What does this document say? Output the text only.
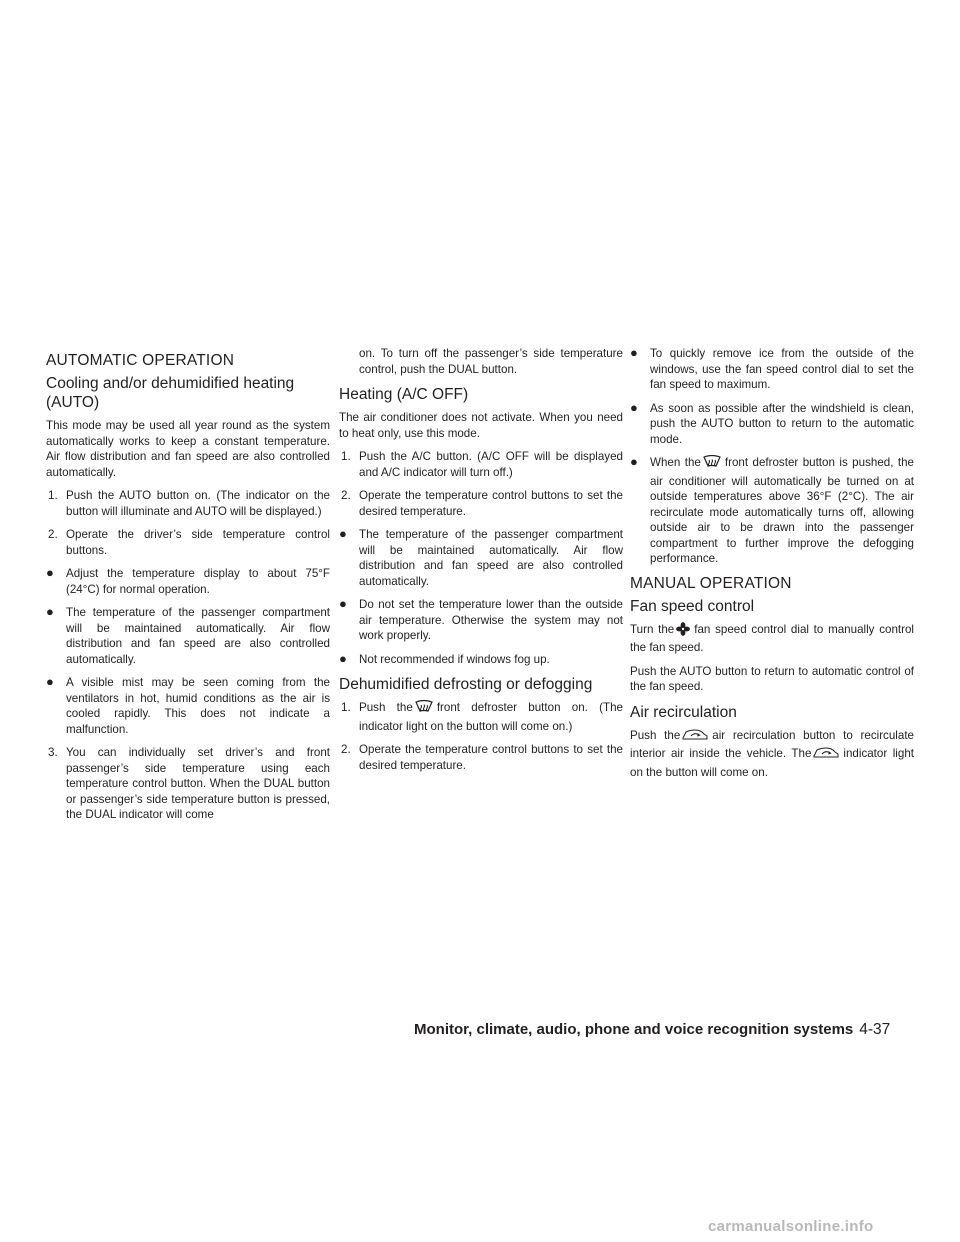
AUTOMATIC OPERATION
Cooling and/or dehumidified heating (AUTO)

This mode may be used all year round as the system automatically works to keep a constant temperature. Air flow distribution and fan speed are also controlled automatically.

1. Push the AUTO button on. (The indicator on the button will illuminate and AUTO will be displayed.)
2. Operate the driver’s side temperature control buttons.
● Adjust the temperature display to about 75°F (24°C) for normal operation.
● The temperature of the passenger compartment will be maintained automatically. Air flow distribution and fan speed are also controlled automatically.
● A visible mist may be seen coming from the ventilators in hot, humid conditions as the air is cooled rapidly. This does not indicate a malfunction.
3. You can individually set driver’s and front passenger’s side temperature using each temperature control button. When the DUAL button or passenger’s side temperature button is pressed, the DUAL indicator will come

on. To turn off the passenger’s side temperature control, push the DUAL button.

Heating (A/C OFF)

The air conditioner does not activate. When you need to heat only, use this mode.

1. Push the A/C button. (A/C OFF will be displayed and A/C indicator will turn off.)
2. Operate the temperature control buttons to set the desired temperature.
● The temperature of the passenger compartment will be maintained automatically. Air flow distribution and fan speed are also controlled automatically.
● Do not set the temperature lower than the outside air temperature. Otherwise the system may not work properly.
● Not recommended if windows fog up.
Dehumidified defrosting or defogging
1. Push the front defroster button on. (The indicator light on the button will come on.)
2. Operate the temperature control buttons to set the desired temperature.
● To quickly remove ice from the outside of the windows, use the fan speed control dial to set the fan speed to maximum.
● As soon as possible after the windshield is clean, push the AUTO button to return to the automatic mode.
● When the front defroster button is pushed, the air conditioner will automatically be turned on at outside temperatures above 36°F (2°C). The air recirculate mode automatically turns off, allowing outside air to be drawn into the passenger compartment to further improve the defogging performance.
MANUAL OPERATION
Fan speed control

Turn the fan speed control dial to manually control the fan speed.

Push the AUTO button to return to automatic control of the fan speed.

Air recirculation

Push the	air recirculation button to recirculate interior air inside the vehicle. The	indicator light on the button will come on.

Monitor, climate, audio, phone and voice recognition systems 4-37
carmanualsonline.info
